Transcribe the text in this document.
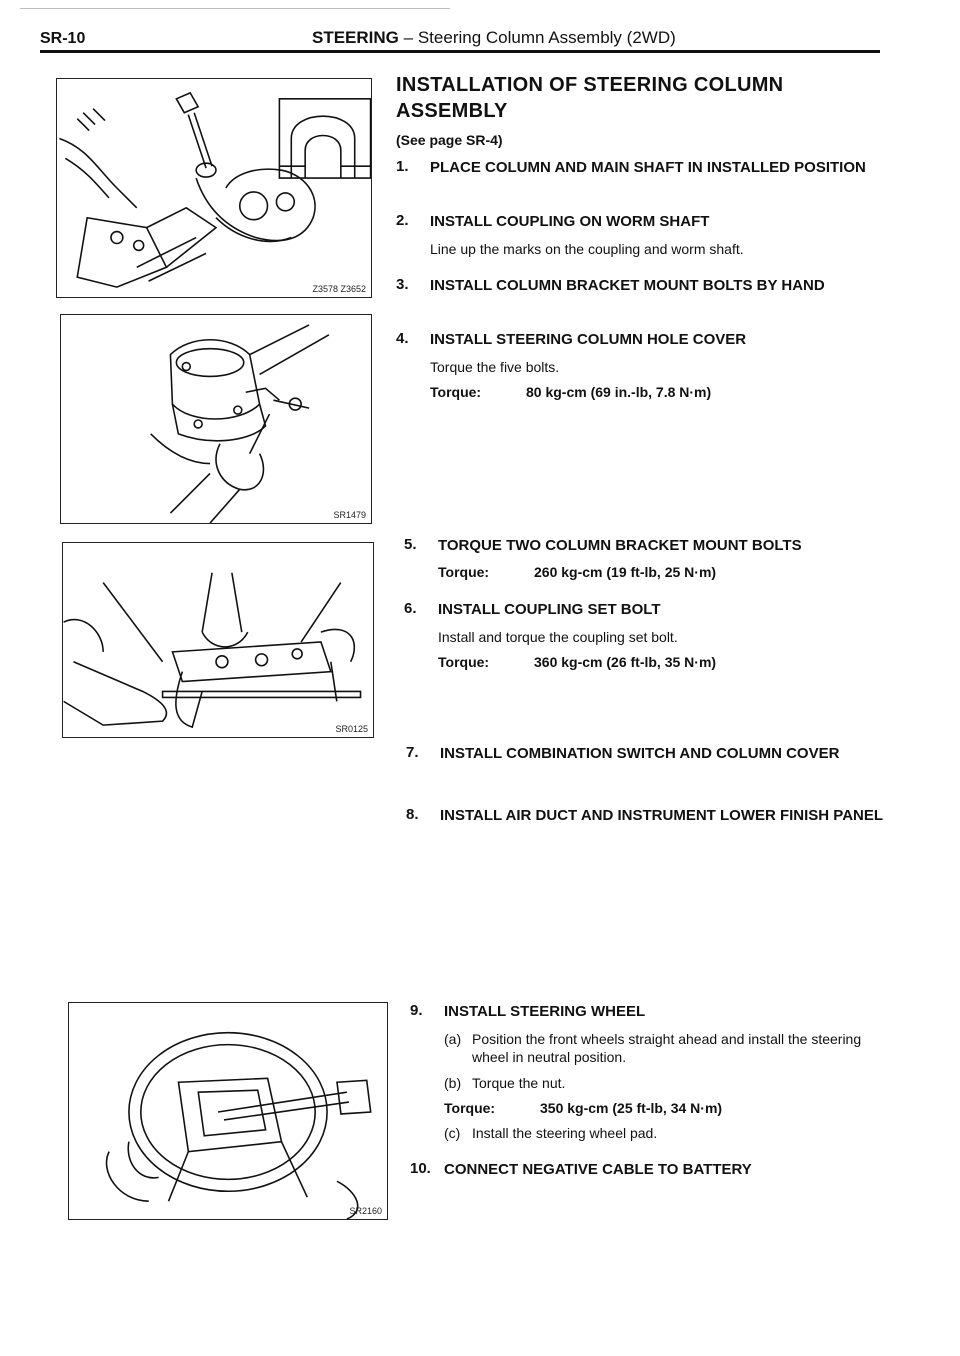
SR-10	STEERING – Steering Column Assembly (2WD)
Z3578 Z3652
SR1479
SR0125
SR2160
INSTALLATION OF STEERING COLUMN ASSEMBLY
(See page SR-4)
1. PLACE COLUMN AND MAIN SHAFT IN INSTALLED POSITION
2. INSTALL COUPLING ON WORM SHAFT
Line up the marks on the coupling and worm shaft.
3. INSTALL COLUMN BRACKET MOUNT BOLTS BY HAND
4. INSTALL STEERING COLUMN HOLE COVER
Torque the five bolts.
Torque:	80 kg-cm (69 in.-lb, 7.8 N·m)
5. TORQUE TWO COLUMN BRACKET MOUNT BOLTS
Torque:	260 kg-cm (19 ft-lb, 25 N·m)
6. INSTALL COUPLING SET BOLT
Install and torque the coupling set bolt.
Torque:	360 kg-cm (26 ft-lb, 35 N·m)
7. INSTALL COMBINATION SWITCH AND COLUMN COVER
8. INSTALL AIR DUCT AND INSTRUMENT LOWER FINISH PANEL
9. INSTALL STEERING WHEEL
(a) Position the front wheels straight ahead and install the steering wheel in neutral position.
(b) Torque the nut.
Torque:	350 kg-cm (25 ft-lb, 34 N·m)
(c) Install the steering wheel pad.
10. CONNECT NEGATIVE CABLE TO BATTERY
